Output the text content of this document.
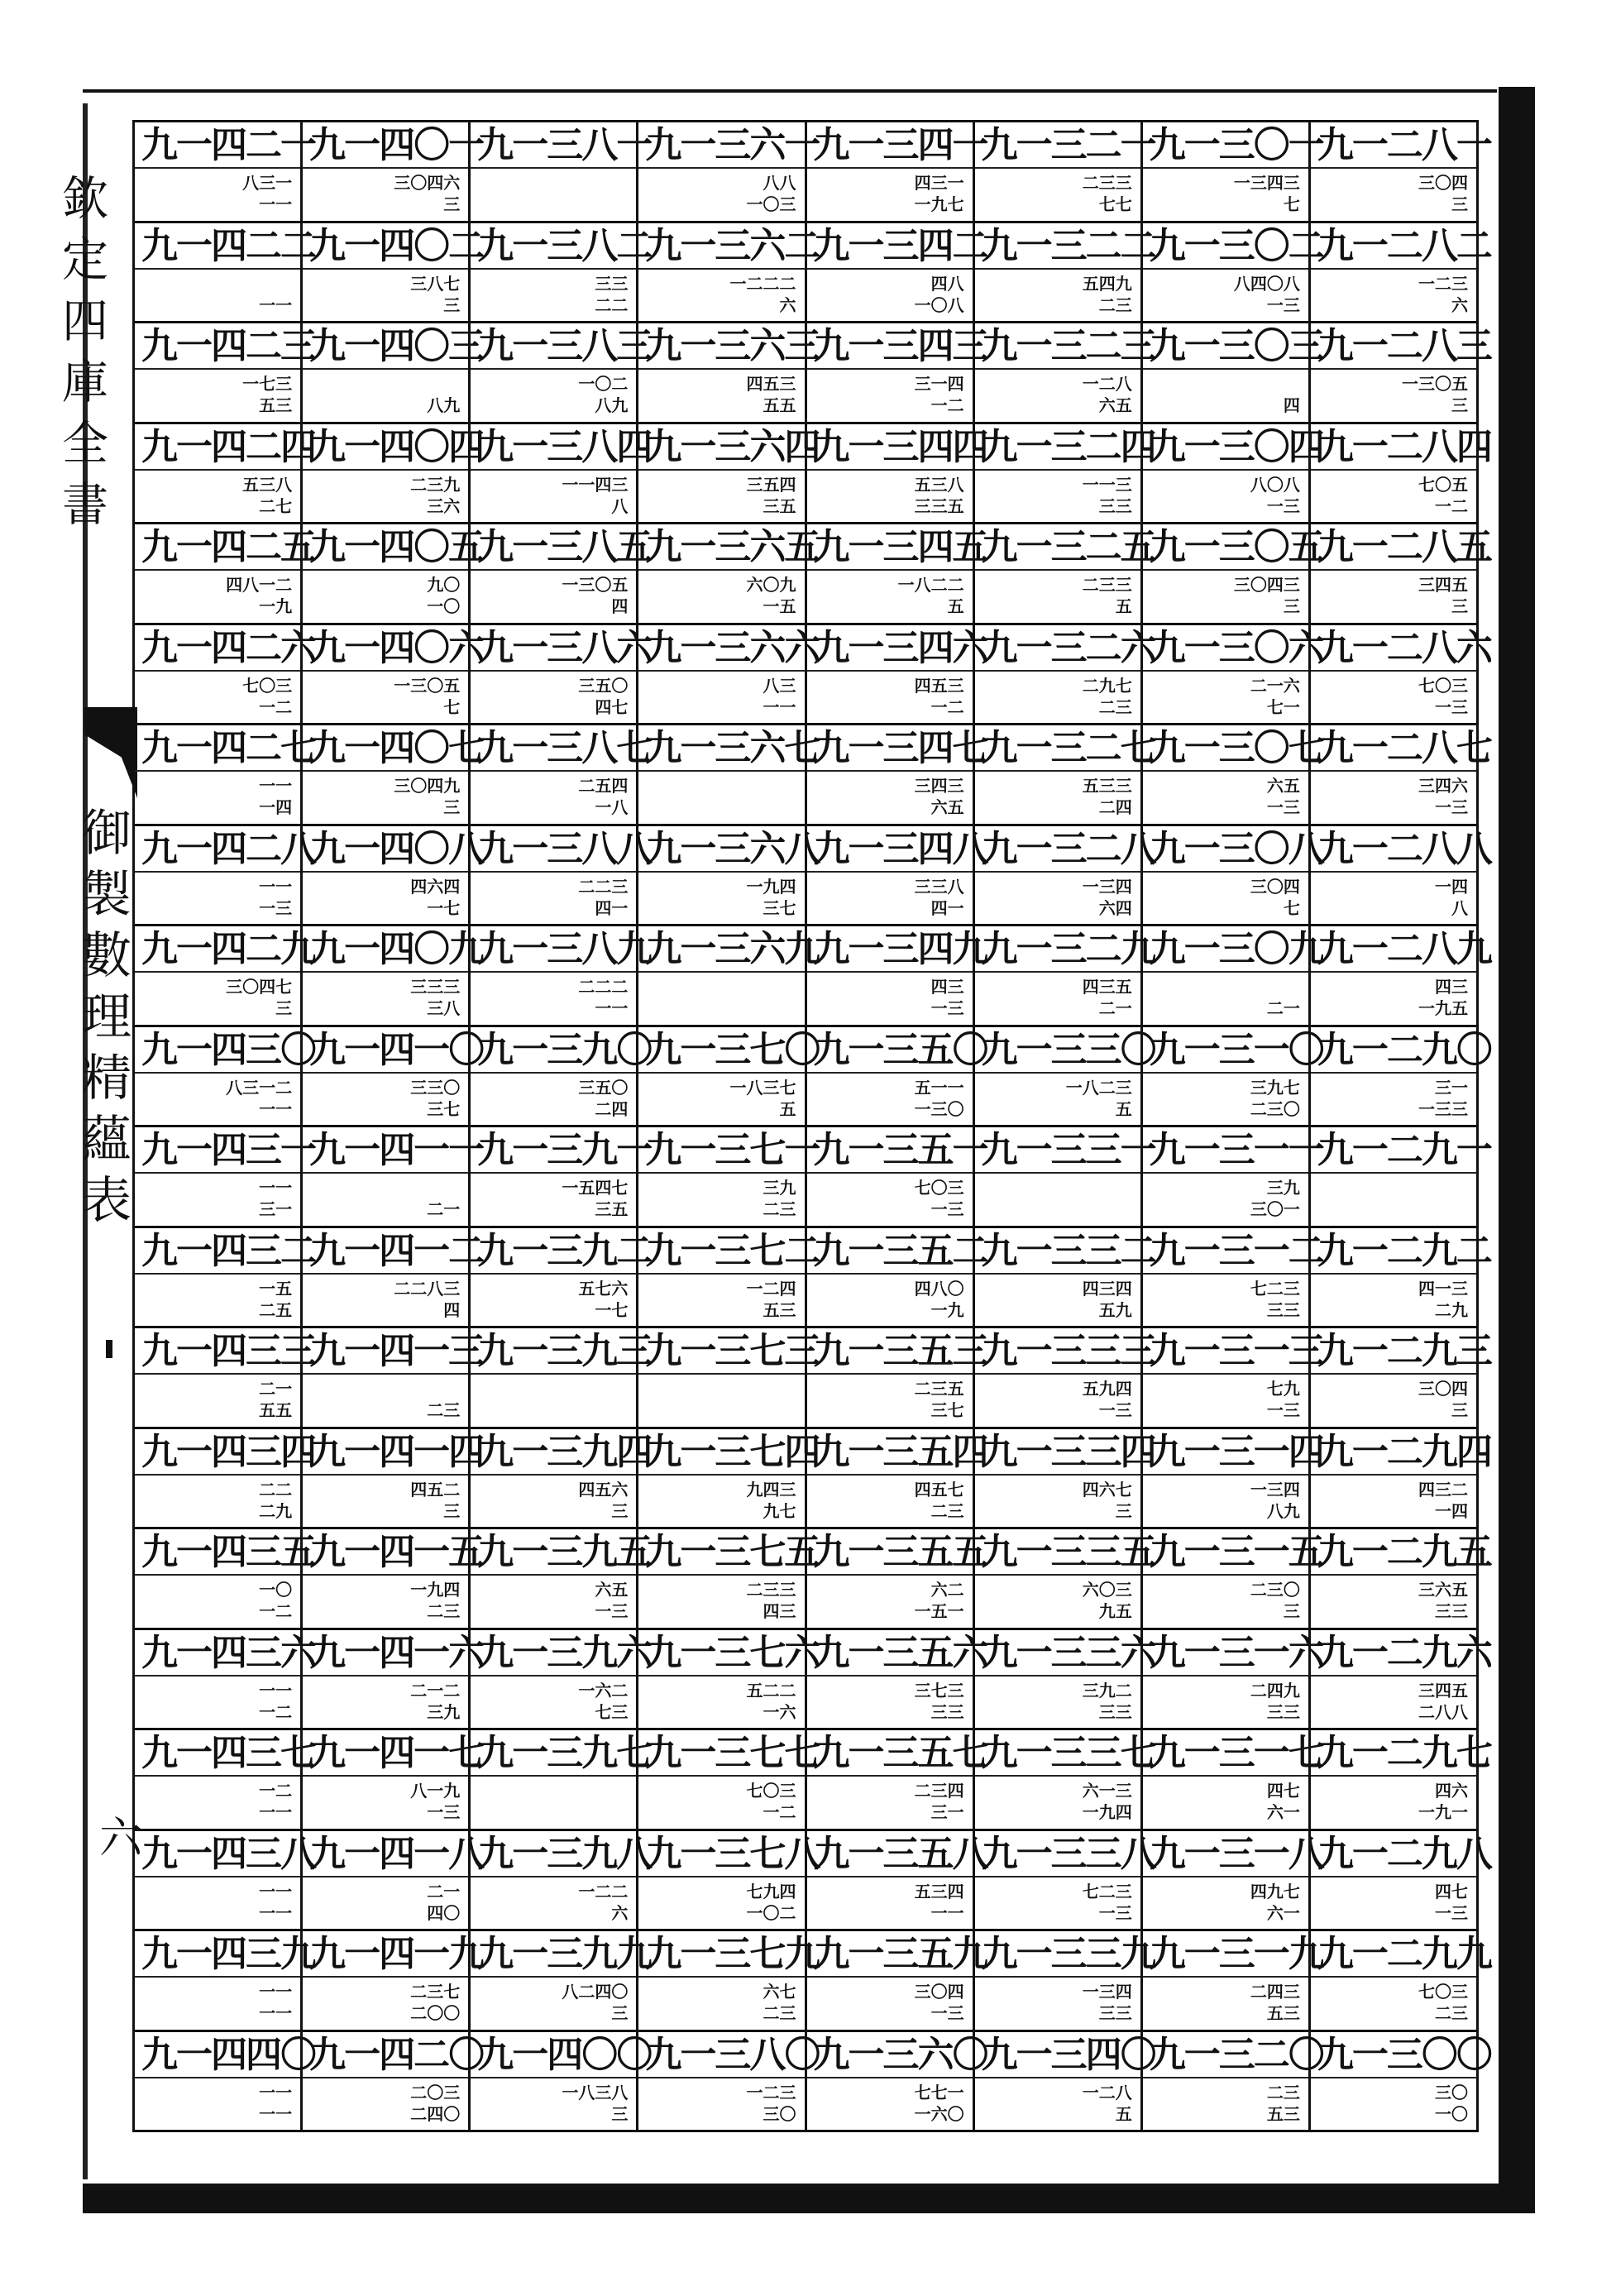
欽定四庫全書
御製數理精蘊表
六
九一四二一
八三一
一一
九一四〇一
三〇四六
三
九一三八一
九一三六一
八八
一〇三
九一三四一
四三一
一九七
九一三二一
二三三
七七
九一三〇一
一三四三
七
九一二八一
三〇四
三
九一四二二
一一
九一四〇二
三八七
三
九一三八二
三三
二二
九一三六二
一二二二
六
九一三四二
四八
一〇八
九一三二二
五四九
二三
九一三〇二
八四〇八
一三
九一二八二
一二三
六
九一四二三
一七三
五三
九一四〇三
八九
九一三八三
一〇二
八九
九一三六三
四五三
五五
九一三四三
三一四
一二
九一三二三
一二八
六五
九一三〇三
四
九一二八三
一三〇五
三
九一四二四
五三八
二七
九一四〇四
二三九
三六
九一三八四
一一四三
八
九一三六四
三五四
三五
九一三四四
五三八
三三五
九一三二四
一一三
三三
九一三〇四
八〇八
一三
九一二八四
七〇五
一二
九一四二五
四八一二
一九
九一四〇五
九〇
一〇
九一三八五
一三〇五
四
九一三六五
六〇九
一五
九一三四五
一八二二
五
九一三二五
二三三
五
九一三〇五
三〇四三
三
九一二八五
三四五
三
九一四二六
七〇三
一二
九一四〇六
一三〇五
七
九一三八六
三五〇
四七
九一三六六
八三
一一
九一三四六
四五三
一二
九一三二六
二九七
二三
九一三〇六
二一六
七一
九一二八六
七〇三
一三
九一四二七
一一
一四
九一四〇七
三〇四九
三
九一三八七
二五四
一八
九一三六七
九一三四七
三四三
六五
九一三二七
五三三
二四
九一三〇七
六五
一三
九一二八七
三四六
一三
九一四二八
一一
一三
九一四〇八
四六四
一七
九一三八八
二二三
四一
九一三六八
一九四
三七
九一三四八
三三八
四一
九一三二八
一三四
六四
九一三〇八
三〇四
七
九一二八八
一四
八
九一四二九
三〇四七
三
九一四〇九
三三三
三八
九一三八九
二二二
一一
九一三六九
九一三四九
四三
一三
九一三二九
四三五
二一
九一三〇九
二一
九一二八九
四三
一九五
九一四三〇
八三一二
一一
九一四一〇
三三〇
三七
九一三九〇
三五〇
二四
九一三七〇
一八三七
五
九一三五〇
五一一
一三〇
九一三三〇
一八二三
五
九一三一〇
三九七
二三〇
九一二九〇
三一
一三三
九一四三一
一一
三一
九一四一一
二一
九一三九一
一五四七
三五
九一三七一
三九
二三
九一三五一
七〇三
一三
九一三三一
九一三一一
三九
三〇一
九一二九一
九一四三二
一五
二五
九一四一二
二二八三
四
九一三九二
五七六
一七
九一三七二
一二四
五三
九一三五二
四八〇
一九
九一三三二
四三四
五九
九一三一二
七二三
三三
九一二九二
四一三
二九
九一四三三
二一
五五
九一四一三
二三
九一三九三
九一三七三
九一三五三
二三五
三七
九一三三三
五九四
一三
九一三一三
七九
一三
九一二九三
三〇四
三
九一四三四
二二
二九
九一四一四
四五二
三
九一三九四
四五六
三
九一三七四
九四三
九七
九一三五四
四五七
二三
九一三三四
四六七
三
九一三一四
一三四
八九
九一二九四
四三二
一四
九一四三五
一〇
一二
九一四一五
一九四
二三
九一三九五
六五
一三
九一三七五
二三三
四三
九一三五五
六二
一五一
九一三三五
六〇三
九五
九一三一五
二三〇
三
九一二九五
三六五
三三
九一四三六
一一
一二
九一四一六
二一二
三九
九一三九六
一六二
七三
九一三七六
五二二
一六
九一三五六
三七三
三三
九一三三六
三九二
三三
九一三一六
二四九
三三
九一二九六
三四五
二八八
九一四三七
一二
一一
九一四一七
八一九
一三
九一三九七
九一三七七
七〇三
一二
九一三五七
二三四
三一
九一三三七
六一三
一九四
九一三一七
四七
六一
九一二九七
四六
一九一
九一四三八
一一
一一
九一四一八
二一
四〇
九一三九八
一二二
六
九一三七八
七九四
一〇二
九一三五八
五三四
一一
九一三三八
七二三
一三
九一三一八
四九七
六一
九一二九八
四七
一三
九一四三九
一一
一一
九一四一九
二三七
二〇〇
九一三九九
八二四〇
三
九一三七九
六七
二三
九一三五九
三〇四
一三
九一三三九
一三四
三三
九一三一九
二四三
五三
九一二九九
七〇三
二三
九一四四〇
一一
一一
九一四二〇
二〇三
二四〇
九一四〇〇
一八三八
三
九一三八〇
一二三
三〇
九一三六〇
七七一
一六〇
九一三四〇
一二八
五
九一三二〇
二三
五三
九一三〇〇
三〇
一〇
